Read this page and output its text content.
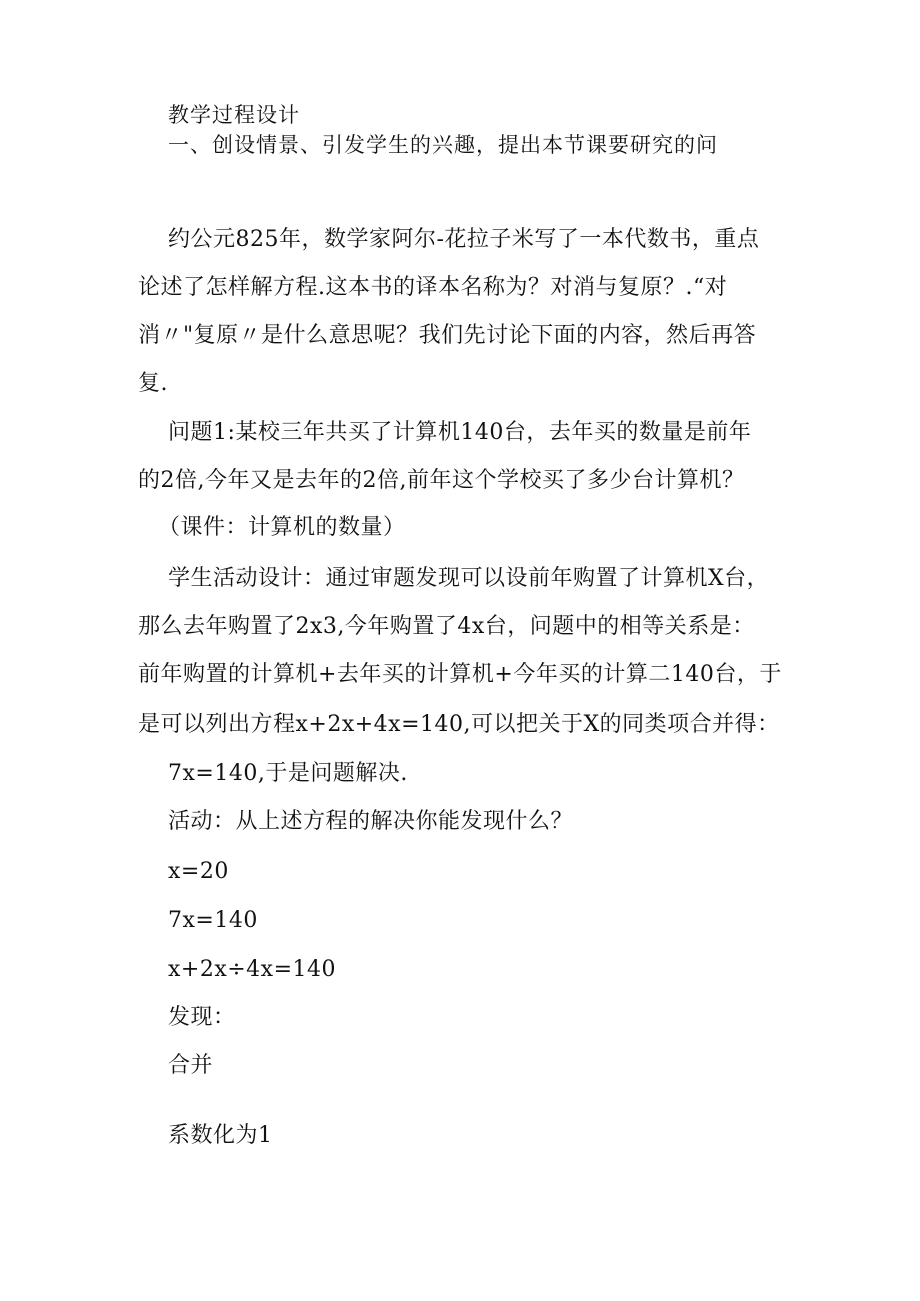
教学过程设计
一、创设情景、引发学生的兴趣，提出本节课要研究的问
约公元825年，数学家阿尔-花拉子米写了一本代数书，重点
论述了怎样解方程.这本书的译本名称为？对消与复原？.“对
消〃"复原〃是什么意思呢？我们先讨论下面的内容，然后再答
复.
问题1:某校三年共买了计算机140台，去年买的数量是前年
的2倍,今年又是去年的2倍,前年这个学校买了多少台计算机？
（课件：计算机的数量）
学生活动设计：通过审题发现可以设前年购置了计算机X台，
那么去年购置了2x3,今年购置了4x台，问题中的相等关系是：
前年购置的计算机+去年买的计算机+今年买的计算二140台，于
是可以列出方程x+2x+4x=140,可以把关于X的同类项合并得：
7x=140,于是问题解决.
活动：从上述方程的解决你能发现什么？
x=20
7x=140
x+2x÷4x=140
发现：
合并
系数化为1
